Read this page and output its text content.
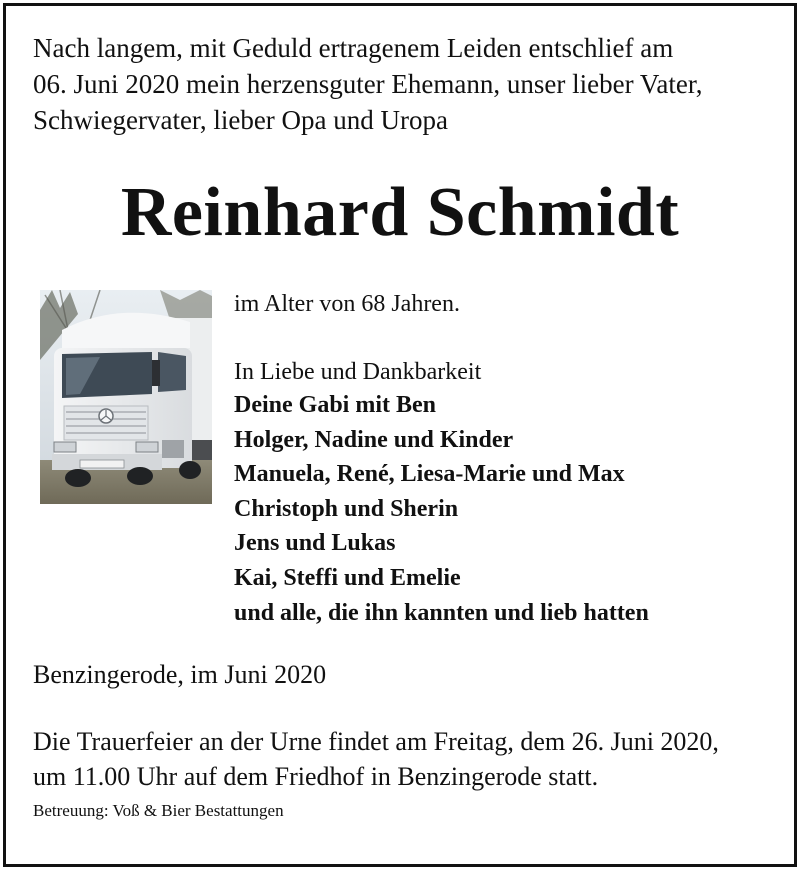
Nach langem, mit Geduld ertragenem Leiden entschlief am
06. Juni 2020 mein herzensguter Ehemann, unser lieber Vater,
Schwiegervater, lieber Opa und Uropa

Reinhard Schmidt

im Alter von 68 Jahren.

In Liebe und Dankbarkeit

Deine Gabi mit Ben
Holger, Nadine und Kinder
Manuela, René, Liesa-Marie und Max
Christoph und Sherin
Jens und Lukas
Kai, Steffi und Emelie
und alle, die ihn kannten und lieb hatten

Benzingerode, im Juni 2020

Die Trauerfeier an der Urne findet am Freitag, dem 26. Juni 2020,
um 11.00 Uhr auf dem Friedhof in Benzingerode statt.

Betreuung: Voß & Bier Bestattungen
